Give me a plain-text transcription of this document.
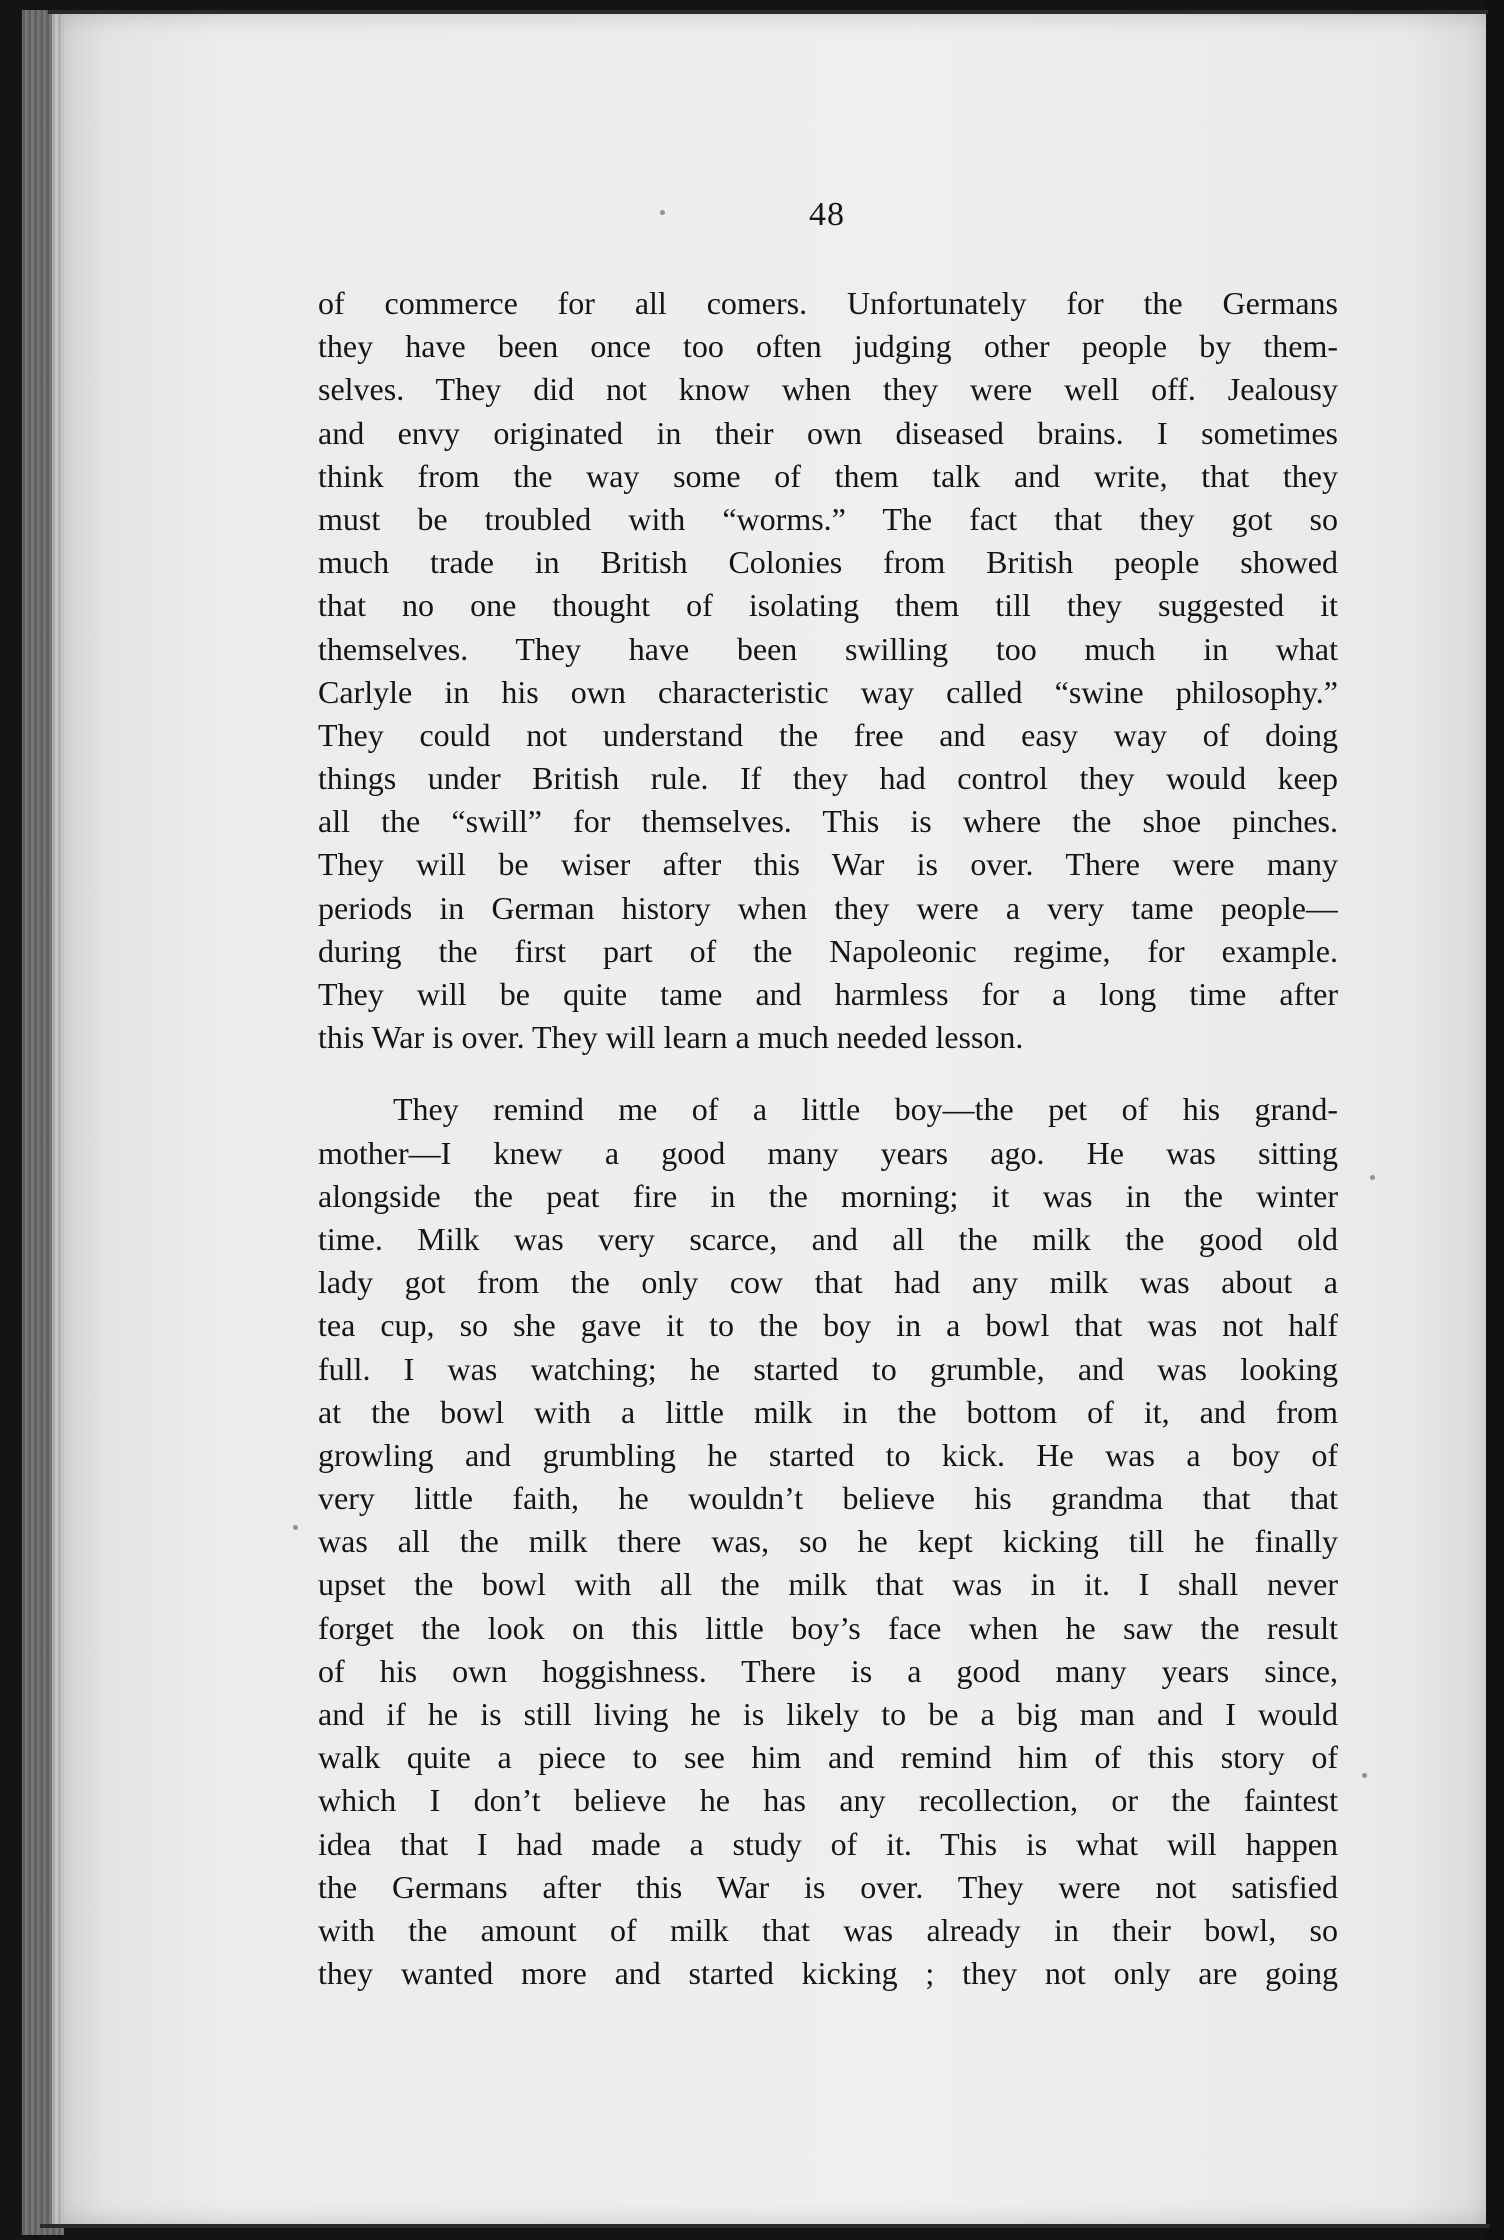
48
of commerce for all comers. Unfortunately for the Germans
they have been once too often judging other people by them-
selves. They did not know when they were well off. Jealousy
and envy originated in their own diseased brains. I sometimes
think from the way some of them talk and write, that they
must be troubled with “worms.” The fact that they got so
much trade in British Colonies from British people showed
that no one thought of isolating them till they suggested it
themselves. They have been swilling too much in what
Carlyle in his own characteristic way called “swine philosophy.”
They could not understand the free and easy way of doing
things under British rule. If they had control they would keep
all the “swill” for themselves. This is where the shoe pinches.
They will be wiser after this War is over. There were many
periods in German history when they were a very tame people—
during the first part of the Napoleonic regime, for example.
They will be quite tame and harmless for a long time after
this War is over. They will learn a much needed lesson.
They remind me of a little boy—the pet of his grand-
mother—I knew a good many years ago. He was sitting
alongside the peat fire in the morning; it was in the winter
time. Milk was very scarce, and all the milk the good old
lady got from the only cow that had any milk was about a
tea cup, so she gave it to the boy in a bowl that was not half
full. I was watching; he started to grumble, and was looking
at the bowl with a little milk in the bottom of it, and from
growling and grumbling he started to kick. He was a boy of
very little faith, he wouldn’t believe his grandma that that
was all the milk there was, so he kept kicking till he finally
upset the bowl with all the milk that was in it. I shall never
forget the look on this little boy’s face when he saw the result
of his own hoggishness. There is a good many years since,
and if he is still living he is likely to be a big man and I would
walk quite a piece to see him and remind him of this story of
which I don’t believe he has any recollection, or the faintest
idea that I had made a study of it. This is what will happen
the Germans after this War is over. They were not satisfied
with the amount of milk that was already in their bowl, so
they wanted more and started kicking ; they not only are going
